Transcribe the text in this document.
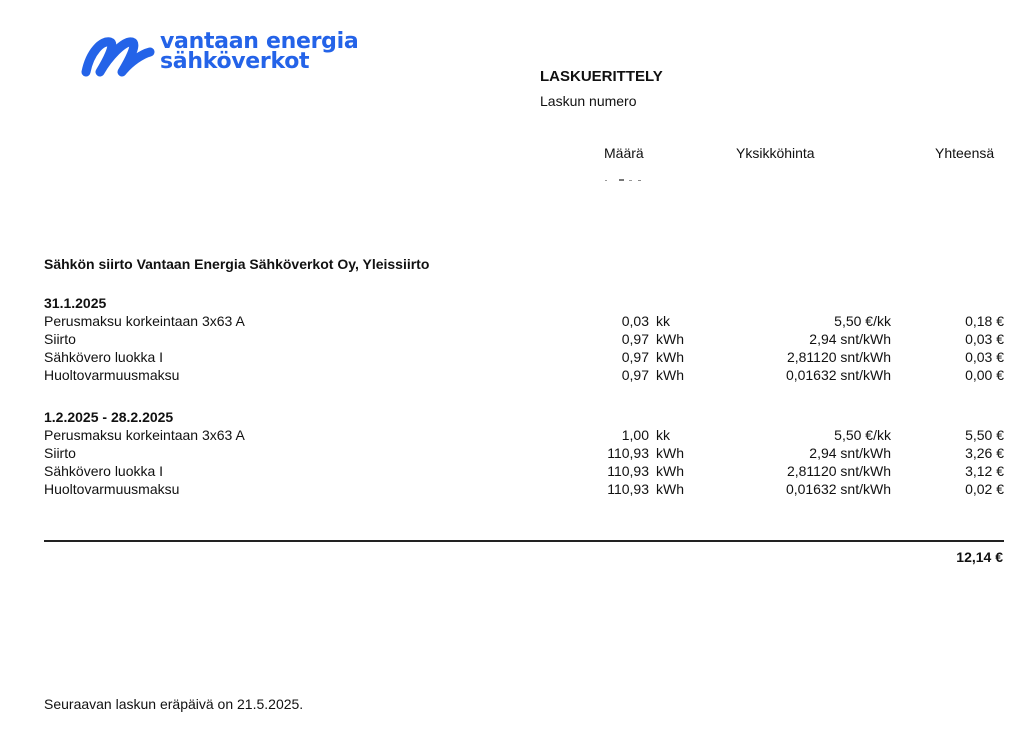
vantaan energia
sähköverkot
LASKUERITTELY
Laskun numero
Määrä	Yksikköhinta	Yhteensä
Sähkön siirto Vantaan Energia Sähköverkot Oy, Yleissiirto
31.1.2025
Perusmaksu korkeintaan 3x63 A	0,03 kk	5,50 €/kk	0,18 €
Siirto	0,97 kWh	2,94 snt/kWh	0,03 €
Sähkövero luokka I	0,97 kWh	2,81120 snt/kWh	0,03 €
Huoltovarmuusmaksu	0,97 kWh	0,01632 snt/kWh	0,00 €
1.2.2025 - 28.2.2025
Perusmaksu korkeintaan 3x63 A	1,00 kk	5,50 €/kk	5,50 €
Siirto	110,93 kWh	2,94 snt/kWh	3,26 €
Sähkövero luokka I	110,93 kWh	2,81120 snt/kWh	3,12 €
Huoltovarmuusmaksu	110,93 kWh	0,01632 snt/kWh	0,02 €
12,14 €
Seuraavan laskun eräpäivä on 21.5.2025.
